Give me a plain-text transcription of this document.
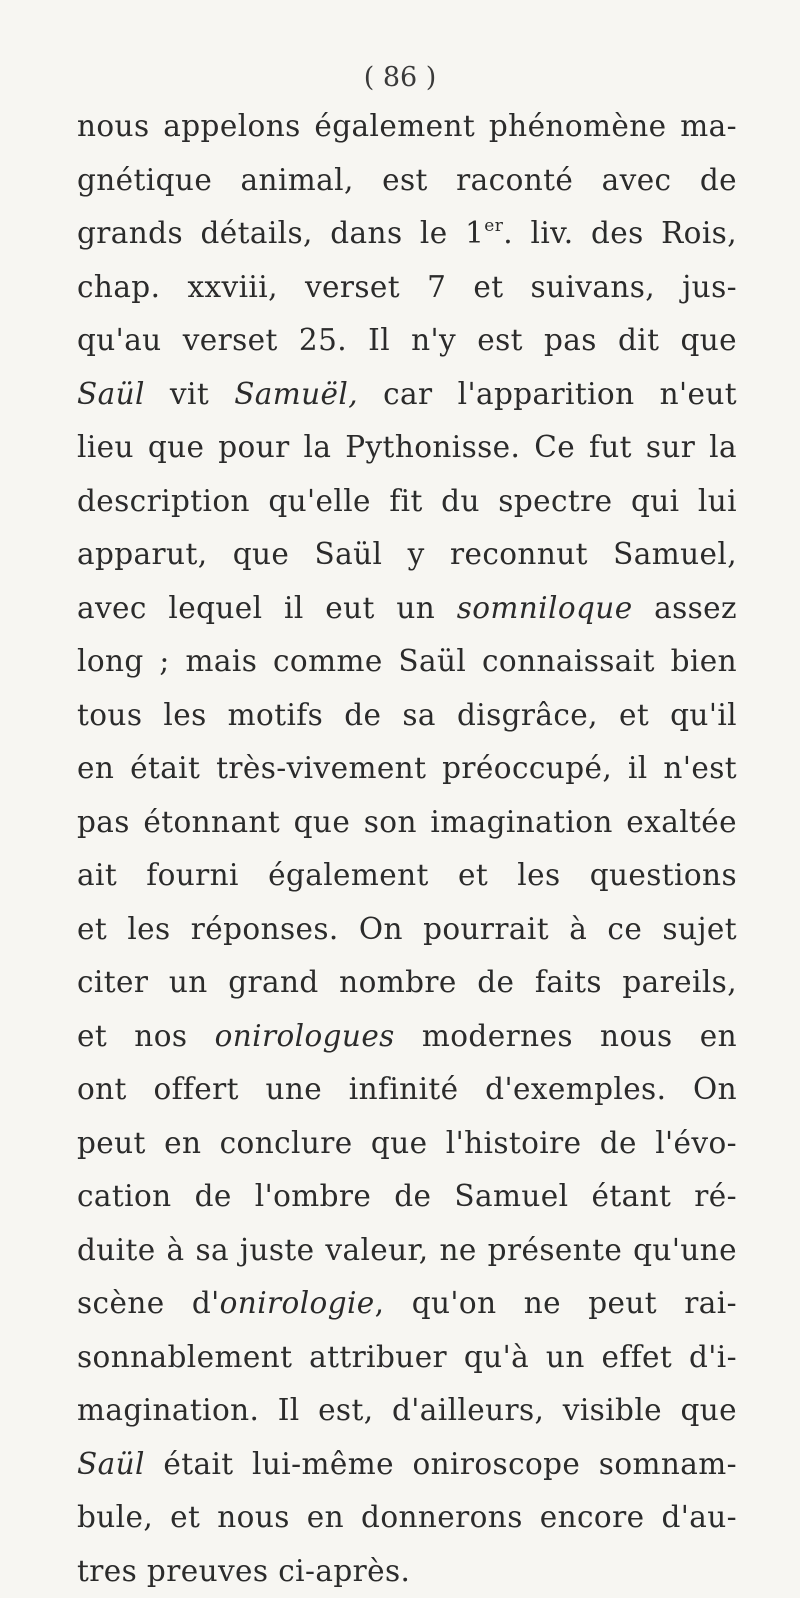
( 86 )
nous appelons également phénomène ma-
gnétique animal, est raconté avec de
grands détails, dans le 1er. liv. des Rois,
chap. xxviii, verset 7 et suivans, jus-
qu'au verset 25. Il n'y est pas dit que
Saül vit Samuël, car l'apparition n'eut
lieu que pour la Pythonisse. Ce fut sur la
description qu'elle fit du spectre qui lui
apparut, que Saül y reconnut Samuel,
avec lequel il eut un somniloque assez
long ; mais comme Saül connaissait bien
tous les motifs de sa disgrâce, et qu'il
en était très-vivement préoccupé, il n'est
pas étonnant que son imagination exaltée
ait fourni également et les questions
et les réponses. On pourrait à ce sujet
citer un grand nombre de faits pareils,
et nos onirologues modernes nous en
ont offert une infinité d'exemples. On
peut en conclure que l'histoire de l'évo-
cation de l'ombre de Samuel étant ré-
duite à sa juste valeur, ne présente qu'une
scène d'onirologie, qu'on ne peut rai-
sonnablement attribuer qu'à un effet d'i-
magination. Il est, d'ailleurs, visible que
Saül était lui-même oniroscope somnam-
bule, et nous en donnerons encore d'au-
tres preuves ci-après.
